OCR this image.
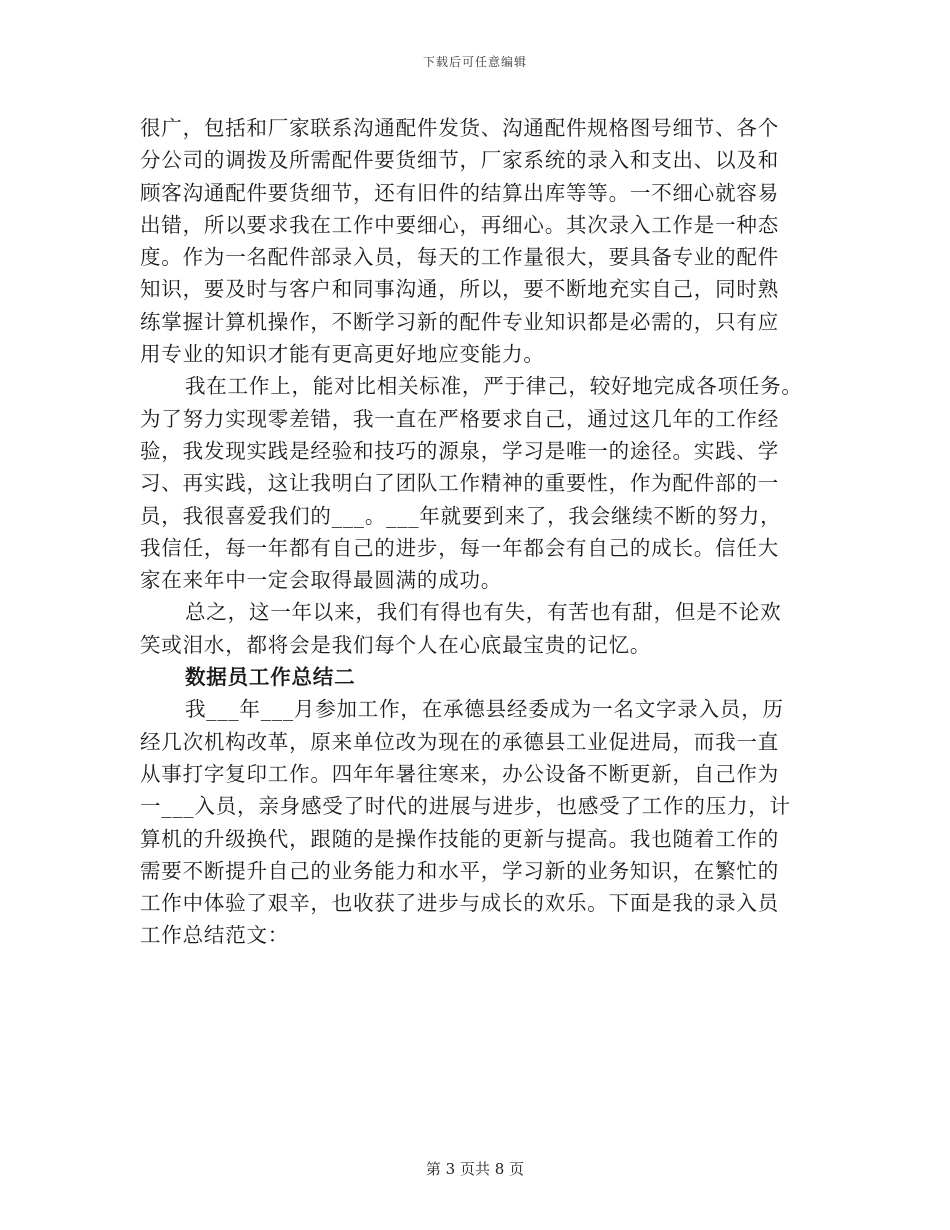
下载后可任意编辑
很广，包括和厂家联系沟通配件发货、沟通配件规格图号细节、各个
分公司的调拨及所需配件要货细节，厂家系统的录入和支出、以及和
顾客沟通配件要货细节，还有旧件的结算出库等等。一不细心就容易
出错，所以要求我在工作中要细心，再细心。其次录入工作是一种态
度。作为一名配件部录入员，每天的工作量很大，要具备专业的配件
知识，要及时与客户和同事沟通，所以，要不断地充实自己，同时熟
练掌握计算机操作，不断学习新的配件专业知识都是必需的，只有应
用专业的知识才能有更高更好地应变能力。
我在工作上，能对比相关标准，严于律己，较好地完成各项任务。
为了努力实现零差错，我一直在严格要求自己，通过这几年的工作经
验，我发现实践是经验和技巧的源泉，学习是唯一的途径。实践、学
习、再实践，这让我明白了团队工作精神的重要性，作为配件部的一
员，我很喜爱我们的___。___年就要到来了，我会继续不断的努力，
我信任，每一年都有自己的进步，每一年都会有自己的成长。信任大
家在来年中一定会取得最圆满的成功。
总之，这一年以来，我们有得也有失，有苦也有甜，但是不论欢
笑或泪水，都将会是我们每个人在心底最宝贵的记忆。
数据员工作总结二
我___年___月参加工作，在承德县经委成为一名文字录入员，历
经几次机构改革，原来单位改为现在的承德县工业促进局，而我一直
从事打字复印工作。四年年暑往寒来，办公设备不断更新，自己作为
一___入员，亲身感受了时代的进展与进步，也感受了工作的压力，计
算机的升级换代，跟随的是操作技能的更新与提高。我也随着工作的
需要不断提升自己的业务能力和水平，学习新的业务知识，在繁忙的
工作中体验了艰辛，也收获了进步与成长的欢乐。下面是我的录入员
工作总结范文：
第 3 页共 8 页
